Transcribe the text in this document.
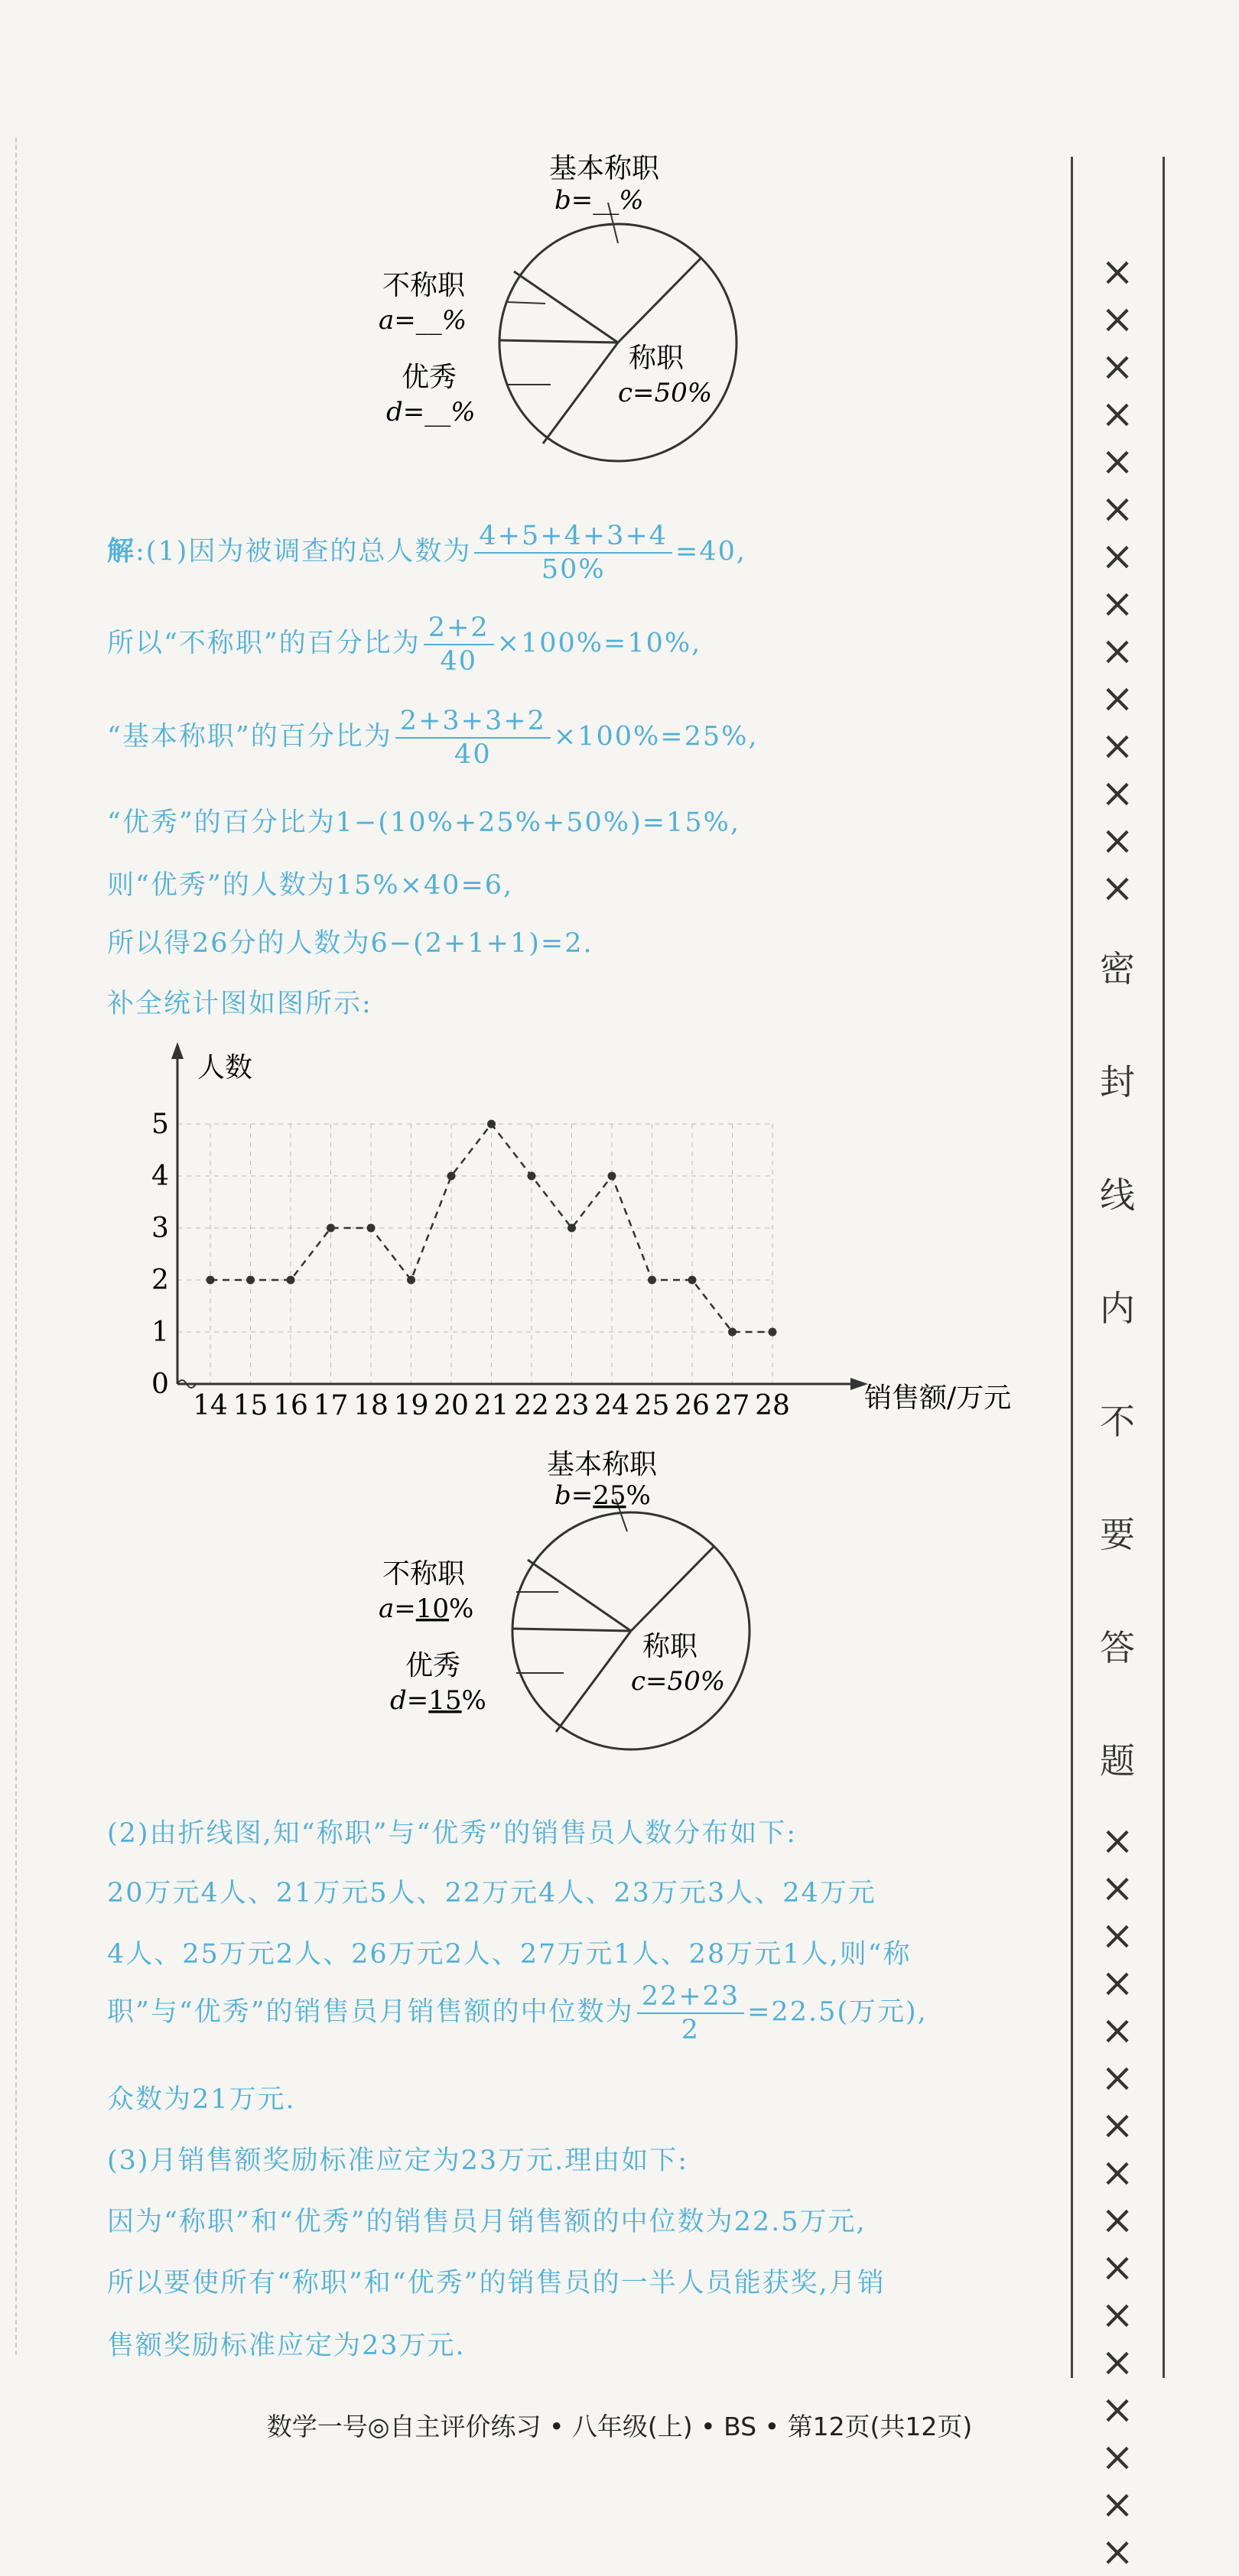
基本称职
b=__%
不称职
a=__%
优秀
d=__%
称职
c=50%
解:(1)因为被调查的总人数为 $\frac{4+5+4+3+4}{50\%} =40$,
所以“不称职”的百分比为 $\frac{2+2}{40} \times 100\%=10\%$,
“基本称职”的百分比为 $\frac{2+3+3+2}{40} \times 100\%=25\%$,
“优秀”的百分比为1−(10%+25%+50%)=15%,
则“优秀”的人数为15%×40=6,
所以得26分的人数为6−(2+1+1)=2.
补全统计图如图所示:
人数
销售额/万元
0
1
2
3
4
5
14 15 16 17 18 19 20 21 22 23 24 25 26 27 28
基本称职
b=25%
不称职
a=10%
优秀
d=15%
称职
c=50%
(2)由折线图,知“称职”与“优秀”的销售员人数分布如下:
20万元4人、21万元5人、22万元4人、23万元3人、24万元
4人、25万元2人、26万元2人、27万元1人、28万元1人,则“称
职”与“优秀”的销售员月销售额的中位数为 $\frac{22+23}{2} =22.5$(万元),
众数为21万元.
(3)月销售额奖励标准应定为23万元.理由如下:
因为“称职”和“优秀”的销售员月销售额的中位数为22.5万元,
所以要使所有“称职”和“优秀”的销售员的一半人员能获奖,月销
售额奖励标准应定为23万元.
×
×
×
×
×
×
×
×
×
×
×
×
×
×
密
封
线
内
不
要
答
题
×
×
×
×
×
×
×
×
×
×
×
×
×
×
×
×
数学一号◎自主评价练习 • 八年级(上) • BS • 第12页(共12页)
